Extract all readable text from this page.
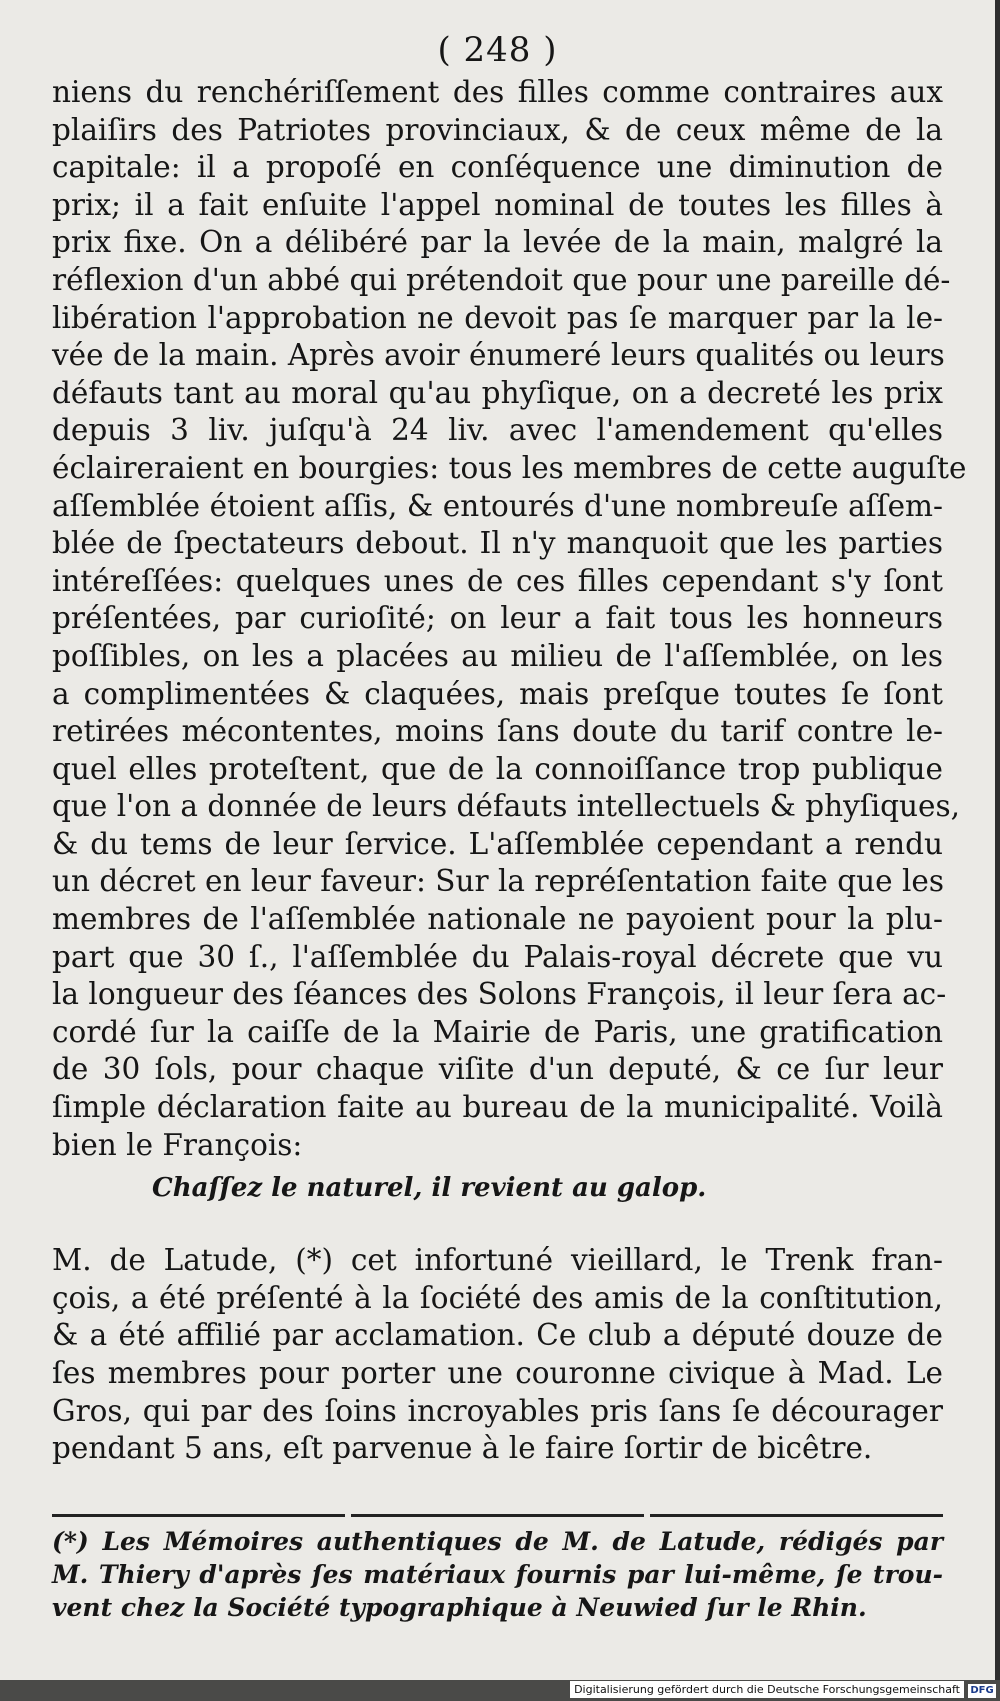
( 248 )
niens du renchériſſement des filles comme contraires aux
plaiſirs des Patriotes provinciaux, & de ceux même de la
capitale: il a propoſé en conſéquence une diminution de
prix; il a fait enſuite l'appel nominal de toutes les filles à
prix fixe. On a délibéré par la levée de la main, malgré la
réflexion d'un abbé qui prétendoit que pour une pareille dé-
libération l'approbation ne devoit pas ſe marquer par la le-
vée de la main. Après avoir énumeré leurs qualités ou leurs
défauts tant au moral qu'au phyſique, on a decreté les prix
depuis 3 liv. juſqu'à 24 liv. avec l'amendement qu'elles
éclaireraient en bourgies: tous les membres de cette auguſte
aſſemblée étoient aſſis, & entourés d'une nombreuſe aſſem-
blée de ſpectateurs debout. Il n'y manquoit que les parties
intéreſſées: quelques unes de ces filles cependant s'y ſont
préſentées, par curioſité; on leur a fait tous les honneurs
poſſibles, on les a placées au milieu de l'aſſemblée, on les
a complimentées & claquées, mais preſque toutes ſe ſont
retirées mécontentes, moins ſans doute du tarif contre le-
quel elles proteſtent, que de la connoiſſance trop publique
que l'on a donnée de leurs défauts intellectuels & phyſiques,
& du tems de leur ſervice. L'aſſemblée cependant a rendu
un décret en leur faveur: Sur la repréſentation faite que les
membres de l'aſſemblée nationale ne payoient pour la plu-
part que 30 ſ., l'aſſemblée du Palais-royal décrete que vu
la longueur des ſéances des Solons François, il leur ſera ac-
cordé ſur la caiſſe de la Mairie de Paris, une gratification
de 30 ſols, pour chaque viſite d'un deputé, & ce ſur leur
ſimple déclaration faite au bureau de la municipalité. Voilà
bien le François:
Chaſſez le naturel, il revient au galop.
M. de Latude, (*) cet infortuné vieillard, le Trenk fran-
çois, a été préſenté à la ſociété des amis de la conſtitution,
& a été affilié par acclamation. Ce club a député douze de
ſes membres pour porter une couronne civique à Mad. Le
Gros, qui par des ſoins incroyables pris ſans ſe décourager
pendant 5 ans, eſt parvenue à le faire ſortir de bicêtre.
(*) Les Mémoires authentiques de M. de Latude, rédigés par
M. Thiery d'après ſes matériaux fournis par lui-même, ſe trou-
vent chez la Société typographique à Neuwied ſur le Rhin.
Digitalisierung gefördert durch die Deutsche Forschungsgemeinschaft	DFG
